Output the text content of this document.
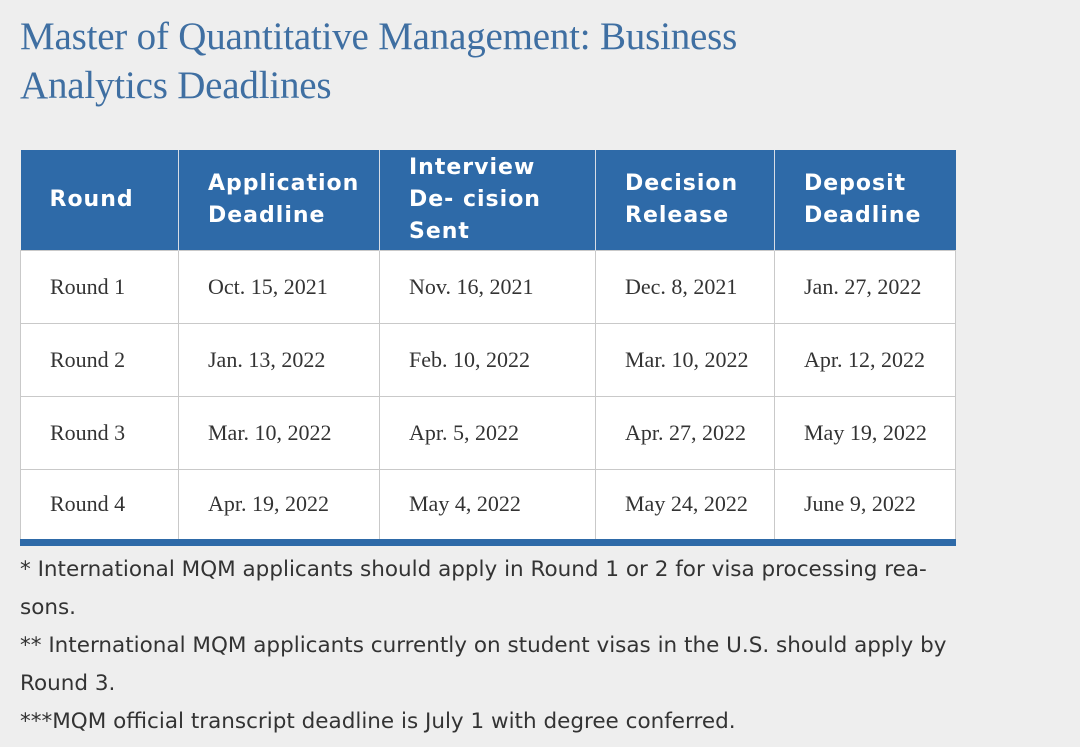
Master of Quantitative Management: Business Analytics Deadlines
Round	Application Deadline	Interview De- cision Sent	Decision Release	Deposit Deadline
Round 1	Oct. 15, 2021	Nov. 16, 2021	Dec. 8, 2021	Jan. 27, 2022
Round 2	Jan. 13, 2022	Feb. 10, 2022	Mar. 10, 2022	Apr. 12, 2022
Round 3	Mar. 10, 2022	Apr. 5, 2022	Apr. 27, 2022	May 19, 2022
Round 4	Apr. 19, 2022	May 4, 2022	May 24, 2022	June 9, 2022

* International MQM applicants should apply in Round 1 or 2 for visa processing rea- sons.

** International MQM applicants currently on student visas in the U.S. should apply by Round 3.

***MQM official transcript deadline is July 1 with degree conferred.
